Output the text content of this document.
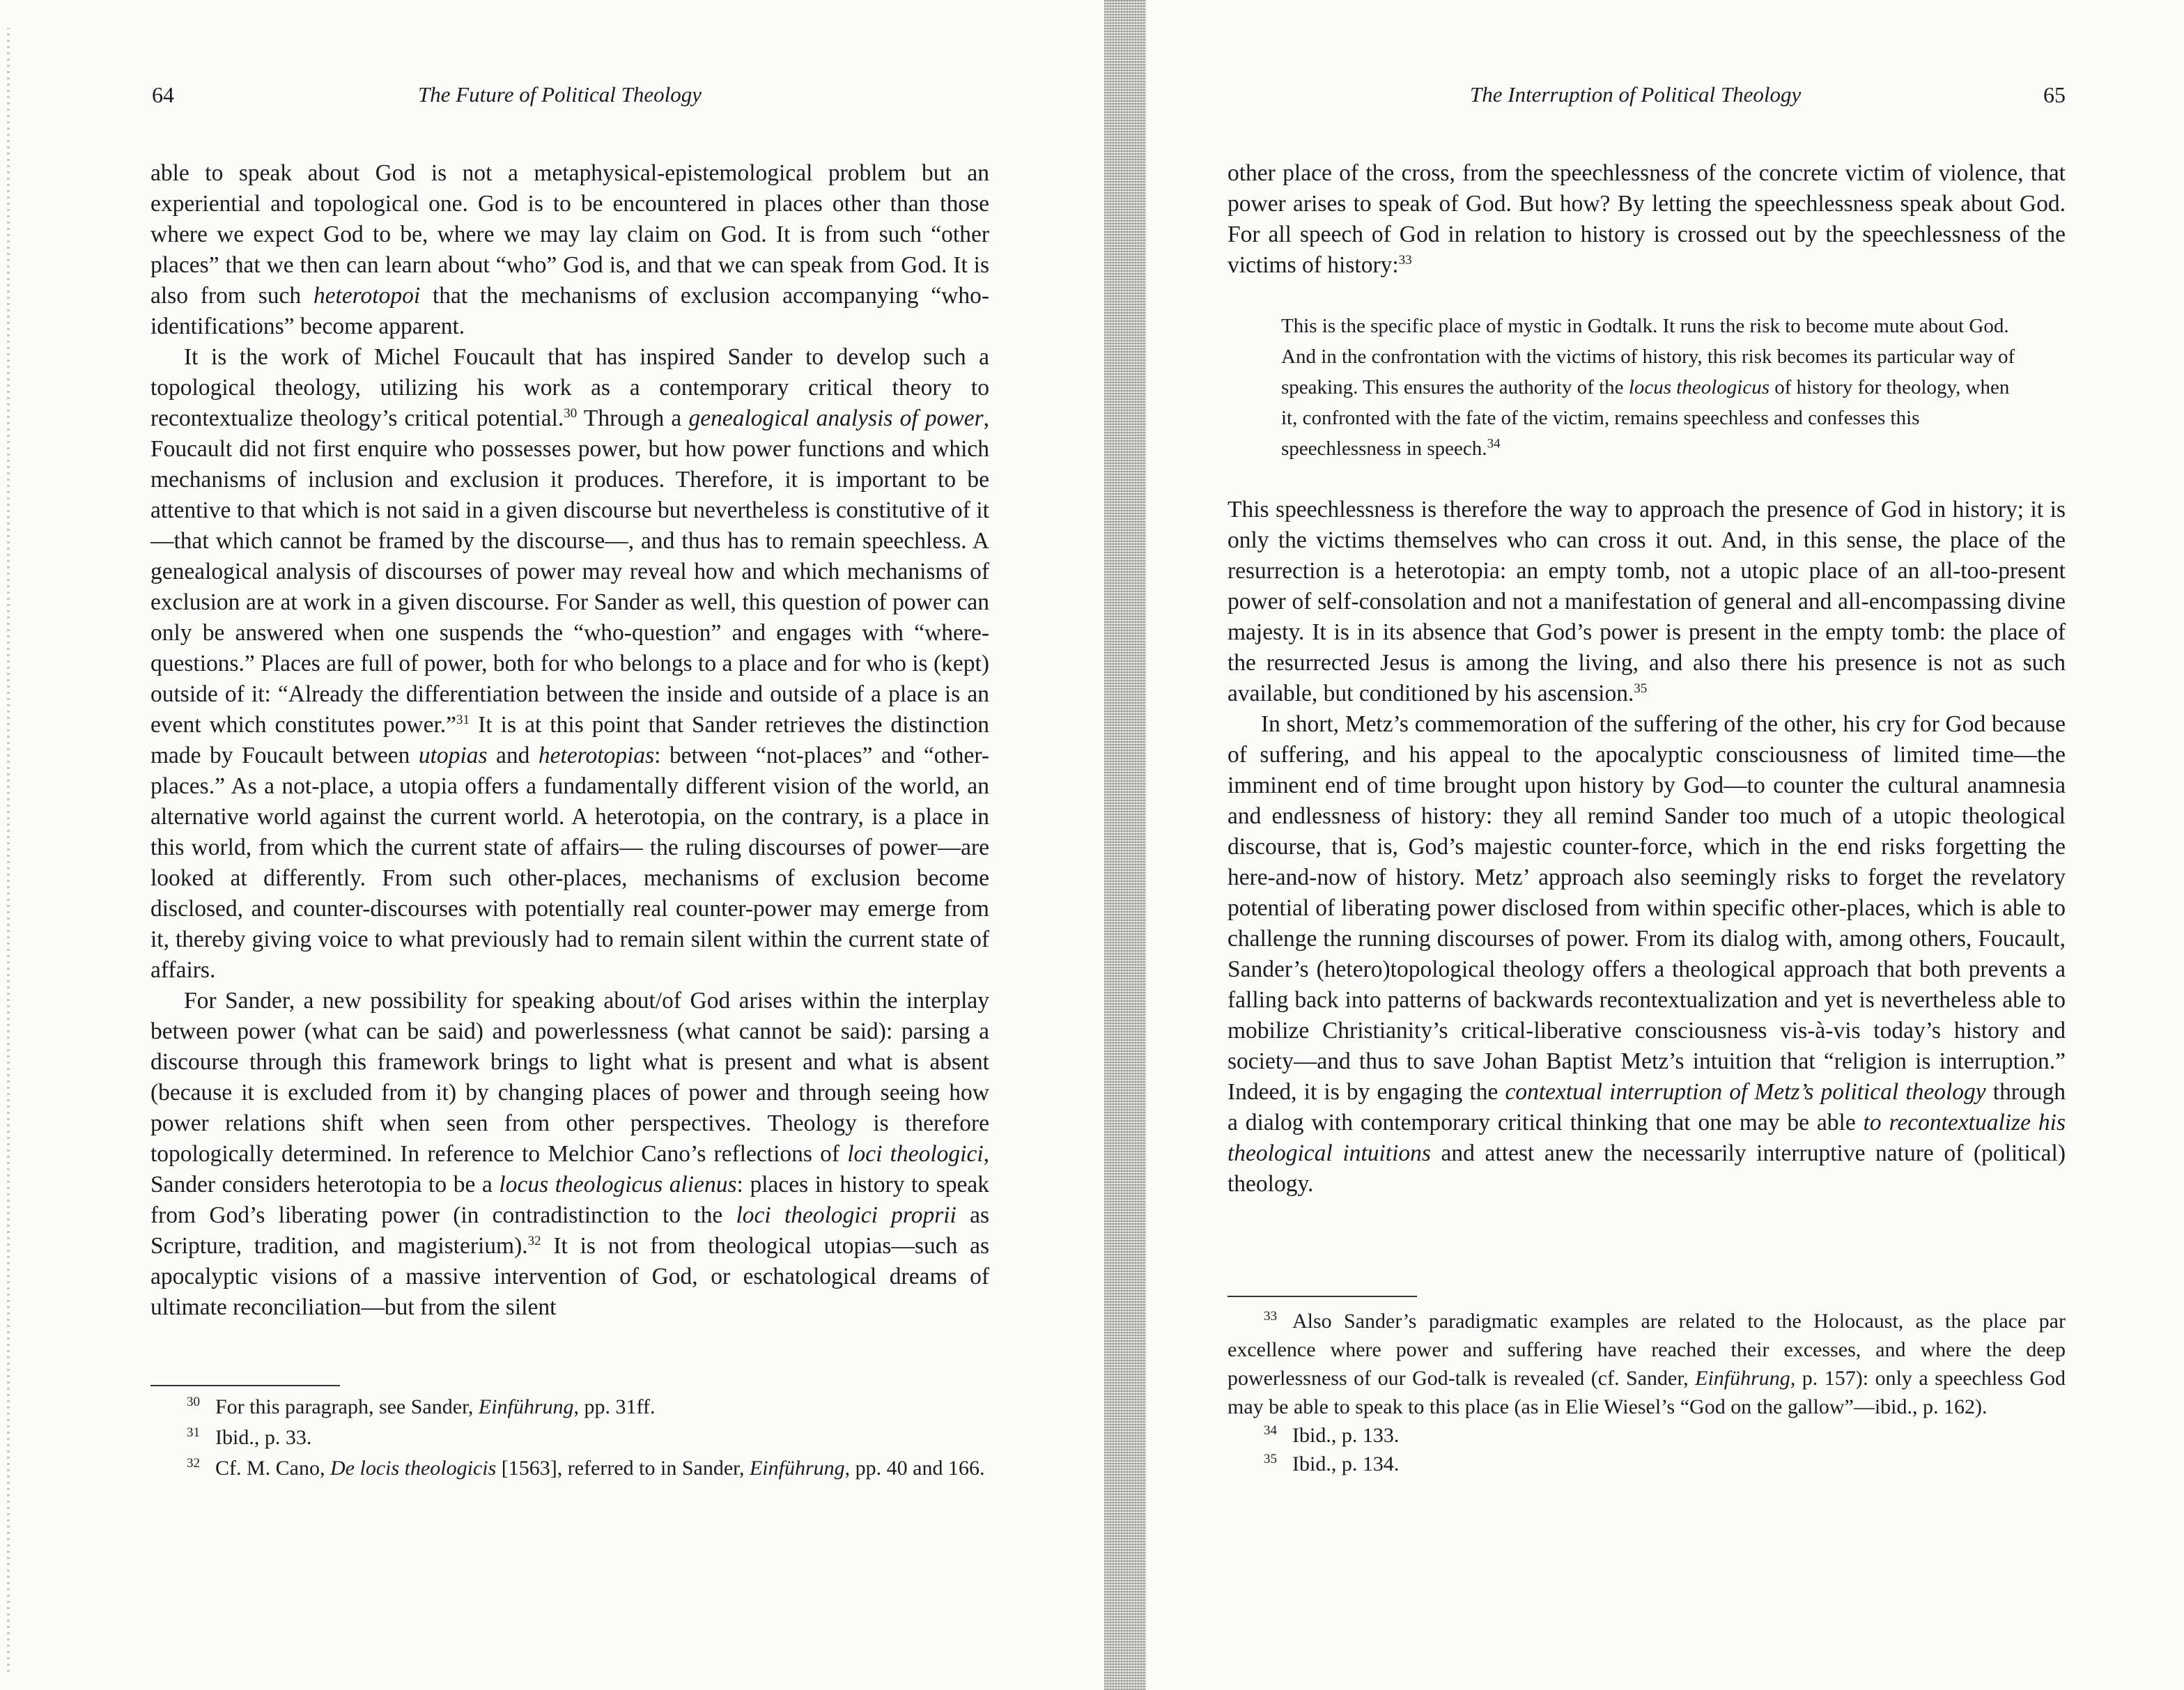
64	The Future of Political Theology

able to speak about God is not a metaphysical-epistemological problem but an experiential and topological one. God is to be encountered in places other than those where we expect God to be, where we may lay claim on God. It is from such “other places” that we then can learn about “who” God is, and that we can speak from God. It is also from such heterotopoi that the mechanisms of exclusion accompanying “who-identifications” become apparent.

It is the work of Michel Foucault that has inspired Sander to develop such a topological theology, utilizing his work as a contemporary critical theory to recontextualize theology’s critical potential.$^{30}$ Through a genealogical analysis of power, Foucault did not first enquire who possesses power, but how power functions and which mechanisms of inclusion and exclusion it produces. Therefore, it is important to be attentive to that which is not said in a given discourse but nevertheless is constitutive of it—that which cannot be framed by the discourse—, and thus has to remain speechless. A genealogical analysis of discourses of power may reveal how and which mechanisms of exclusion are at work in a given discourse. For Sander as well, this question of power can only be answered when one suspends the “who-question” and engages with “where-questions.” Places are full of power, both for who belongs to a place and for who is (kept) outside of it: “Already the differentiation between the inside and outside of a place is an event which constitutes power.”$^{31}$ It is at this point that Sander retrieves the distinction made by Foucault between utopias and heterotopias: between “not-places” and “other-places.” As a not-place, a utopia offers a fundamentally different vision of the world, an alternative world against the current world. A heterotopia, on the contrary, is a place in this world, from which the current state of affairs— the ruling discourses of power—are looked at differently. From such other-places, mechanisms of exclusion become disclosed, and counter-discourses with potentially real counter-power may emerge from it, thereby giving voice to what previously had to remain silent within the current state of affairs.

For Sander, a new possibility for speaking about/of God arises within the interplay between power (what can be said) and powerlessness (what cannot be said): parsing a discourse through this framework brings to light what is present and what is absent (because it is excluded from it) by changing places of power and through seeing how power relations shift when seen from other perspectives. Theology is therefore topologically determined. In reference to Melchior Cano’s reflections of loci theologici, Sander considers heterotopia to be a locus theologicus alienus: places in history to speak from God’s liberating power (in contradistinction to the loci theologici proprii as Scripture, tradition, and magisterium).$^{32}$ It is not from theological utopias—such as apocalyptic visions of a massive intervention of God, or eschatological dreams of ultimate reconciliation—but from the silent

$^{30}$ For this paragraph, see Sander, Einführung, pp. 31ff.

$^{31}$ Ibid., p. 33.

$^{32}$ Cf. M. Cano, De locis theologicis [1563], referred to in Sander, Einführung, pp. 40 and 166.

The Interruption of Political Theology	65

other place of the cross, from the speechlessness of the concrete victim of violence, that power arises to speak of God. But how? By letting the speechlessness speak about God. For all speech of God in relation to history is crossed out by the speechlessness of the victims of history:$^{33}$

This is the specific place of mystic in Godtalk. It runs the risk to become mute about God. And in the confrontation with the victims of history, this risk becomes its particular way of speaking. This ensures the authority of the locus theologicus of history for theology, when it, confronted with the fate of the victim, remains speechless and confesses this speechlessness in speech.$^{34}$

This speechlessness is therefore the way to approach the presence of God in history; it is only the victims themselves who can cross it out. And, in this sense, the place of the resurrection is a heterotopia: an empty tomb, not a utopic place of an all-too-present power of self-consolation and not a manifestation of general and all-encompassing divine majesty. It is in its absence that God’s power is present in the empty tomb: the place of the resurrected Jesus is among the living, and also there his presence is not as such available, but conditioned by his ascension.$^{35}$

In short, Metz’s commemoration of the suffering of the other, his cry for God because of suffering, and his appeal to the apocalyptic consciousness of limited time—the imminent end of time brought upon history by God—to counter the cultural anamnesia and endlessness of history: they all remind Sander too much of a utopic theological discourse, that is, God’s majestic counter-force, which in the end risks forgetting the here-and-now of history. Metz’ approach also seemingly risks to forget the revelatory potential of liberating power disclosed from within specific other-places, which is able to challenge the running discourses of power. From its dialog with, among others, Foucault, Sander’s (hetero)topological theology offers a theological approach that both prevents a falling back into patterns of backwards recontextualization and yet is nevertheless able to mobilize Christianity’s critical-liberative consciousness vis-à-vis today’s history and society—and thus to save Johan Baptist Metz’s intuition that “religion is interruption.” Indeed, it is by engaging the contextual interruption of Metz’s political theology through a dialog with contemporary critical thinking that one may be able to recontextualize his theological intuitions and attest anew the necessarily interruptive nature of (political) theology.

$^{33}$ Also Sander’s paradigmatic examples are related to the Holocaust, as the place par excellence where power and suffering have reached their excesses, and where the deep powerlessness of our God-talk is revealed (cf. Sander, Einführung, p. 157): only a speechless God may be able to speak to this place (as in Elie Wiesel’s “God on the gallow”—ibid., p. 162).

$^{34}$ Ibid., p. 133.

$^{35}$ Ibid., p. 134.
